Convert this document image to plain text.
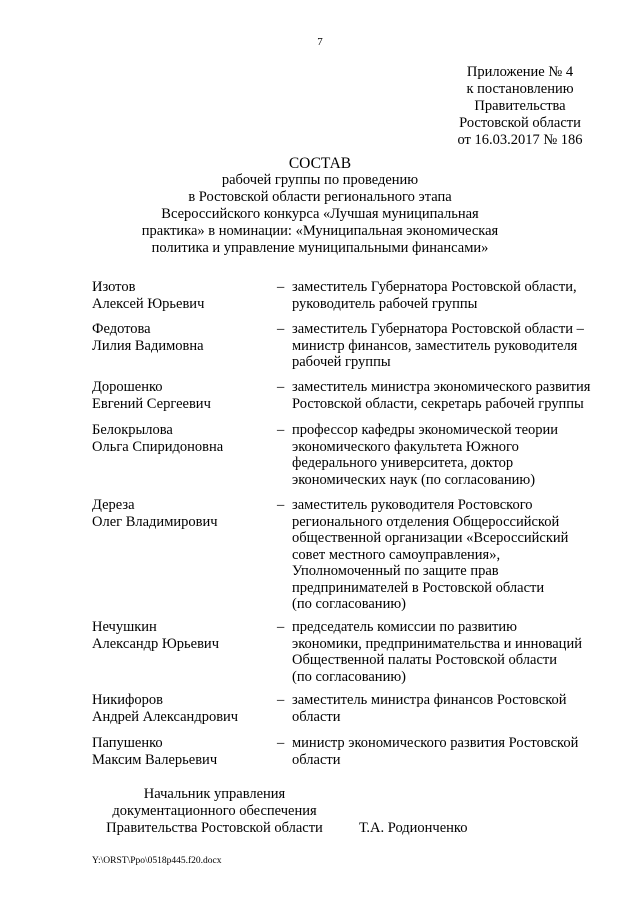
7
Приложение № 4
к постановлению
Правительства
Ростовской области
от 16.03.2017 № 186
СОСТАВ
рабочей группы по проведению
в Ростовской области регионального этапа
Всероссийского конкурса «Лучшая муниципальная
практика» в номинации: «Муниципальная экономическая
политика и управление муниципальными финансами»
Изотов
Алексей Юрьевич
– заместитель Губернатора Ростовской области,
руководитель рабочей группы
Федотова
Лилия Вадимовна
– заместитель Губернатора Ростовской области –
министр финансов, заместитель руководителя
рабочей группы
Дорошенко
Евгений Сергеевич
– заместитель министра экономического развития
Ростовской области, секретарь рабочей группы
Белокрылова
Ольга Спиридоновна
– профессор кафедры экономической теории
экономического факультета Южного
федерального университета, доктор
экономических наук (по согласованию)
Дереза
Олег Владимирович
– заместитель руководителя Ростовского
регионального отделения Общероссийской
общественной организации «Всероссийский
совет местного самоуправления»,
Уполномоченный по защите прав
предпринимателей в Ростовской области
(по согласованию)
Нечушкин
Александр Юрьевич
– председатель комиссии по развитию
экономики, предпринимательства и инноваций
Общественной палаты Ростовской области
(по согласованию)
Никифоров
Андрей Александрович
– заместитель министра финансов Ростовской
области
Папушенко
Максим Валерьевич
– министр экономического развития Ростовской
области
Начальник управления
документационного обеспечения
Правительства Ростовской области	Т.А. Родионченко
Y:\ORST\Ppo\0518p445.f20.docx
